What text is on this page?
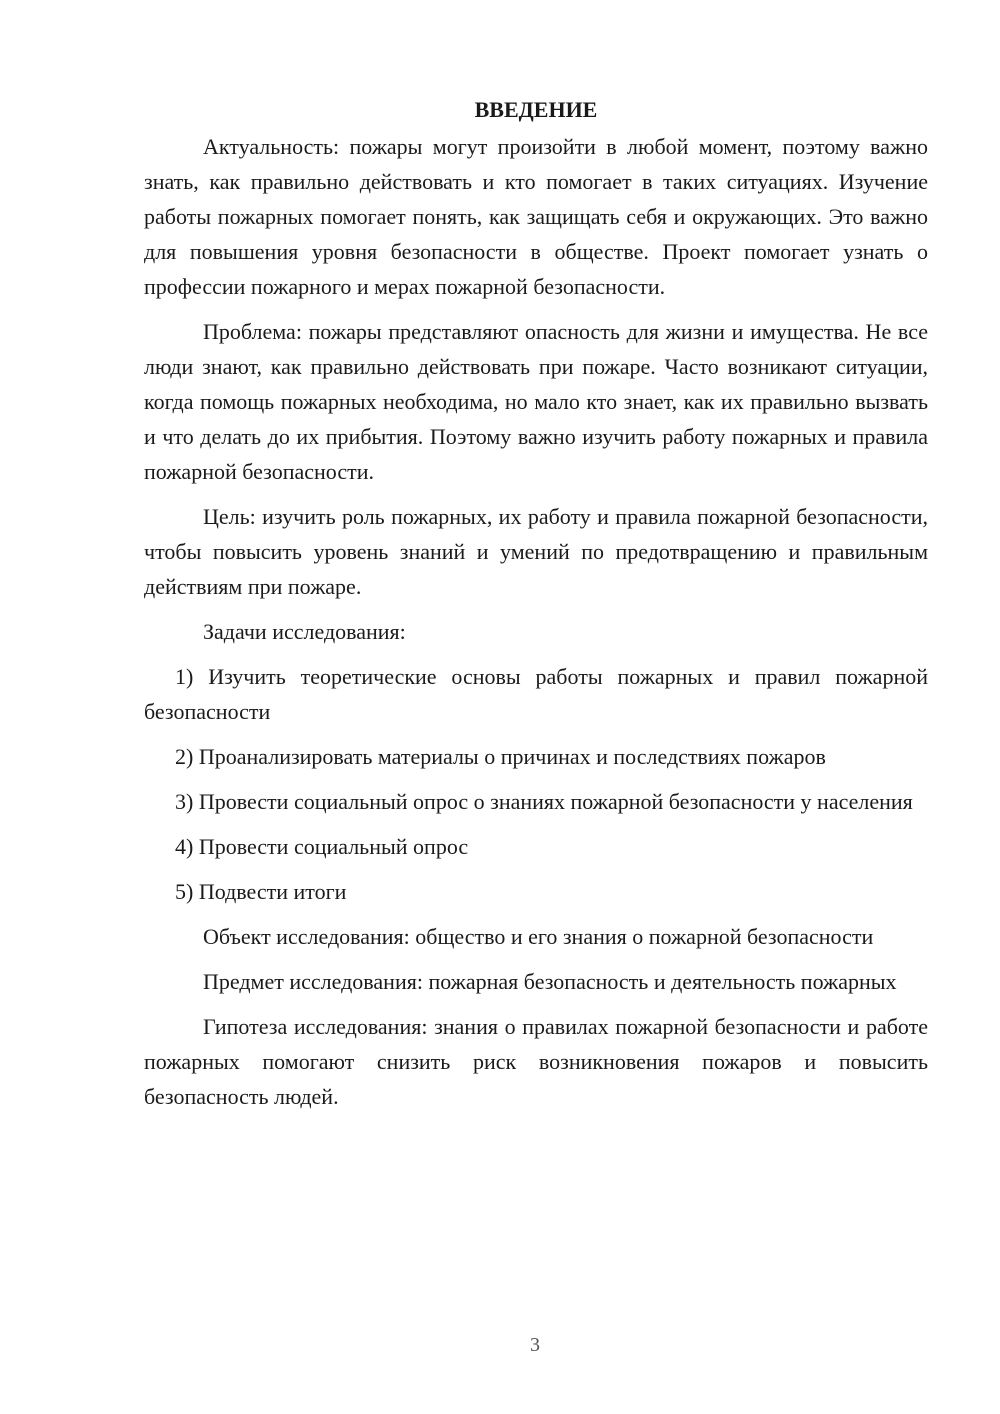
ВВЕДЕНИЕ

Актуальность: пожары могут произойти в любой момент, поэтому важно знать, как правильно действовать и кто помогает в таких ситуациях. Изучение работы пожарных помогает понять, как защищать себя и окружающих. Это важно для повышения уровня безопасности в обществе. Проект помогает узнать о профессии пожарного и мерах пожарной безопасности.

Проблема: пожары представляют опасность для жизни и имущества. Не все люди знают, как правильно действовать при пожаре. Часто возникают ситуации, когда помощь пожарных необходима, но мало кто знает, как их правильно вызвать и что делать до их прибытия. Поэтому важно изучить работу пожарных и правила пожарной безопасности.

Цель: изучить роль пожарных, их работу и правила пожарной безопасности, чтобы повысить уровень знаний и умений по предотвращению и правильным действиям при пожаре.

Задачи исследования:

1) Изучить теоретические основы работы пожарных и правил пожарной безопасности

2) Проанализировать материалы о причинах и последствиях пожаров

3) Провести социальный опрос о знаниях пожарной безопасности у населения

4) Провести социальный опрос

5) Подвести итоги

Объект исследования: общество и его знания о пожарной безопасности

Предмет исследования: пожарная безопасность и деятельность пожарных

Гипотеза исследования: знания о правилах пожарной безопасности и работе пожарных помогают снизить риск возникновения пожаров и повысить безопасность людей.

3
